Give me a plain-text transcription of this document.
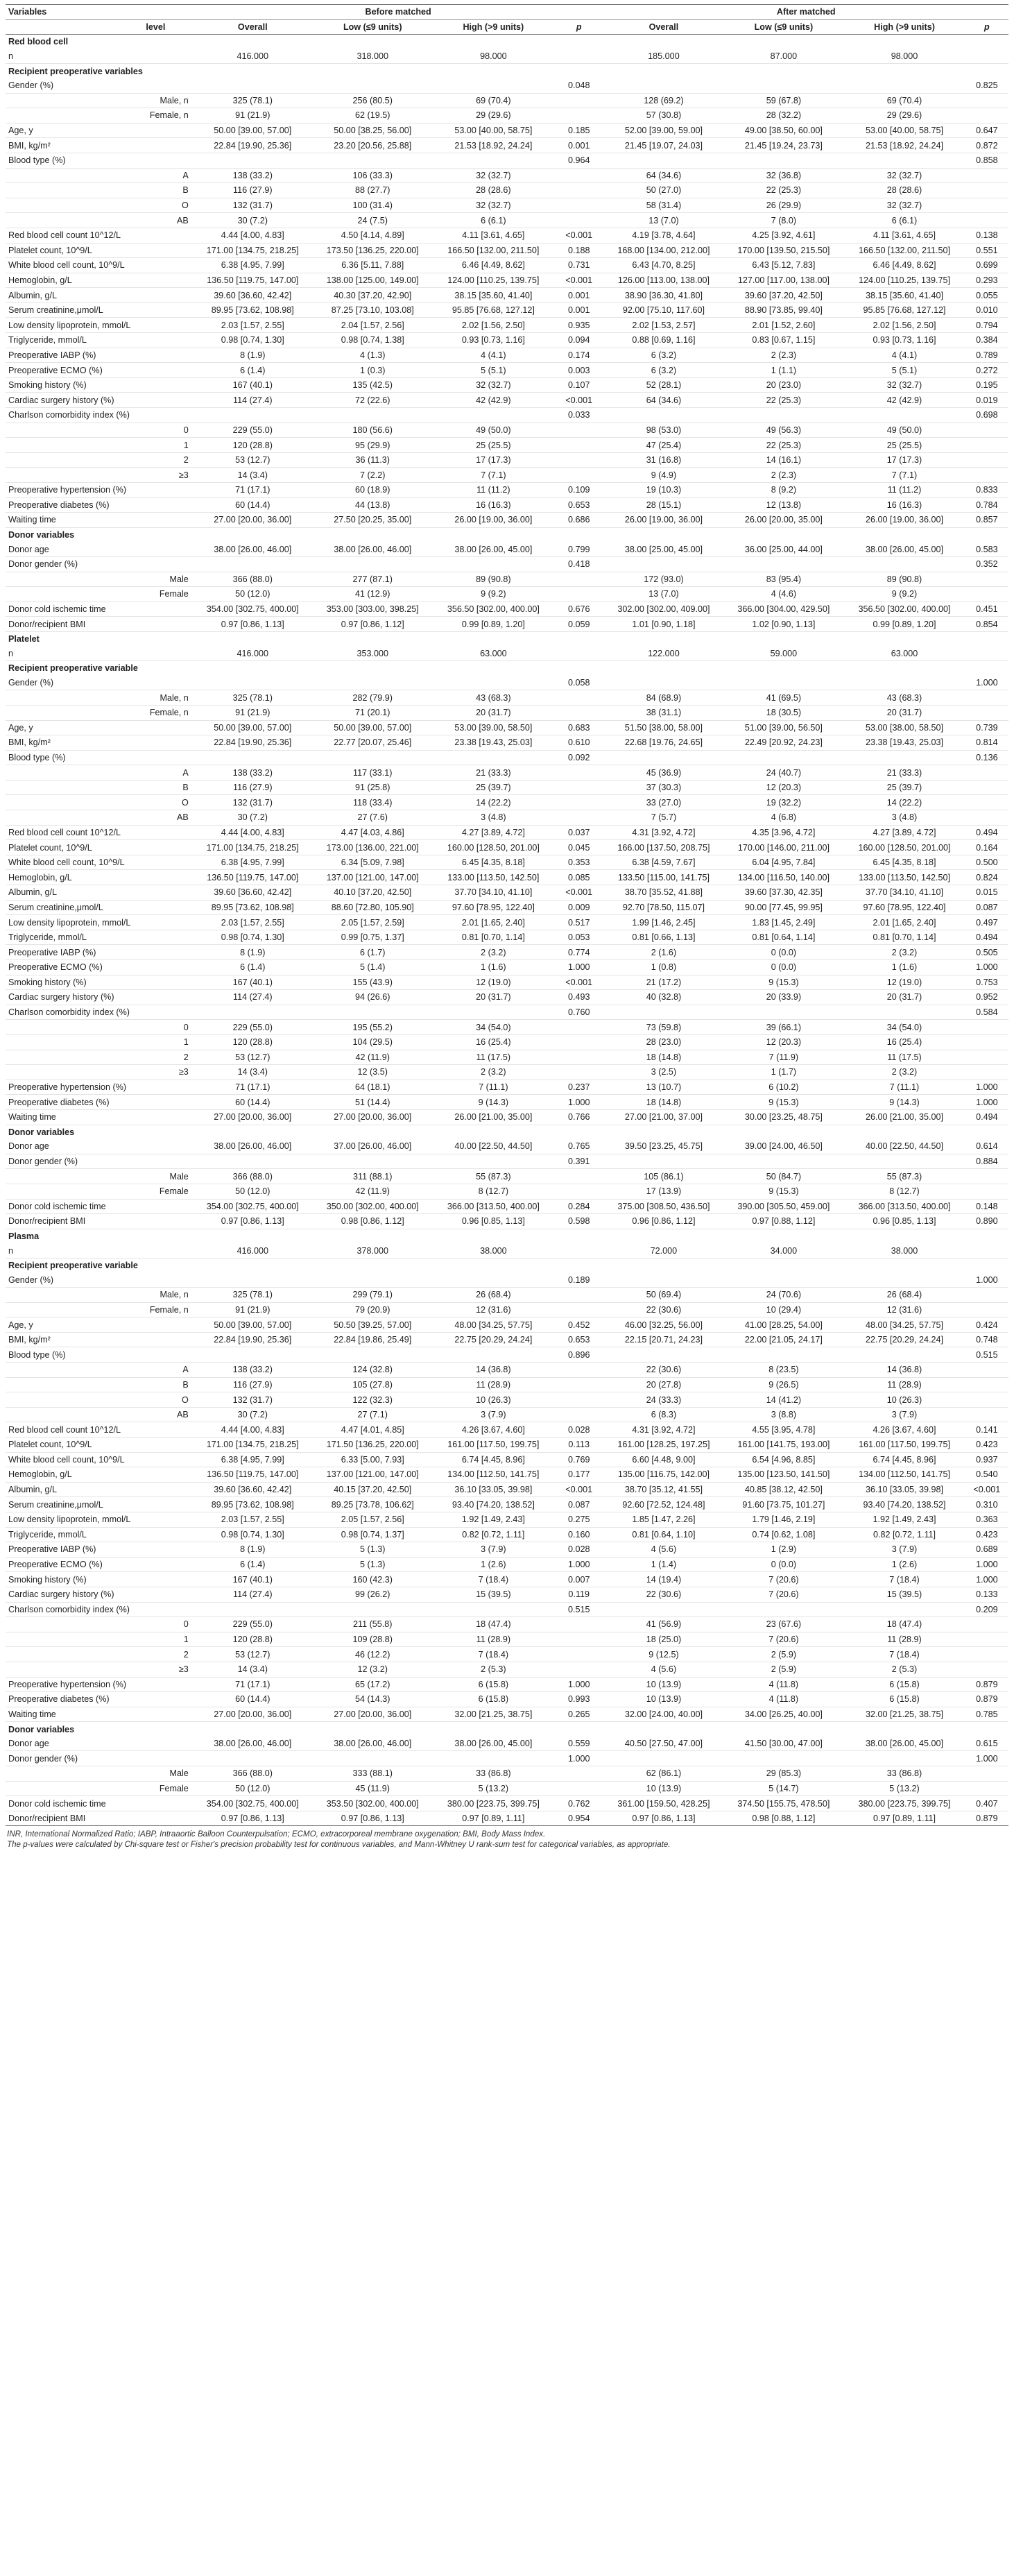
Variables		Before matched				After matched			
	level	Overall	Low (≤9 units)	High (>9 units)	p	Overall	Low (≤9 units)	High (>9 units)	p
Red blood cell									
n		416.000	318.000	98.000		185.000	87.000	98.000	
Recipient preoperative variables									
Gender (%)					0.048				0.825
	Male, n	325 (78.1)	256 (80.5)	69 (70.4)		128 (69.2)	59 (67.8)	69 (70.4)	
	Female, n	91 (21.9)	62 (19.5)	29 (29.6)		57 (30.8)	28 (32.2)	29 (29.6)	
Age, y		50.00 [39.00, 57.00]	50.00 [38.25, 56.00]	53.00 [40.00, 58.75]	0.185	52.00 [39.00, 59.00]	49.00 [38.50, 60.00]	53.00 [40.00, 58.75]	0.647
BMI, kg/m²		22.84 [19.90, 25.36]	23.20 [20.56, 25.88]	21.53 [18.92, 24.24]	0.001	21.45 [19.07, 24.03]	21.45 [19.24, 23.73]	21.53 [18.92, 24.24]	0.872
Blood type (%)					0.964				0.858
	A	138 (33.2)	106 (33.3)	32 (32.7)		64 (34.6)	32 (36.8)	32 (32.7)	
	B	116 (27.9)	88 (27.7)	28 (28.6)		50 (27.0)	22 (25.3)	28 (28.6)	
	O	132 (31.7)	100 (31.4)	32 (32.7)		58 (31.4)	26 (29.9)	32 (32.7)	
	AB	30 (7.2)	24 (7.5)	6 (6.1)		13 (7.0)	7 (8.0)	6 (6.1)	
Red blood cell count 10^12/L		4.44 [4.00, 4.83]	4.50 [4.14, 4.89]	4.11 [3.61, 4.65]	<0.001	4.19 [3.78, 4.64]	4.25 [3.92, 4.61]	4.11 [3.61, 4.65]	0.138
Platelet count, 10^9/L		171.00 [134.75, 218.25]	173.50 [136.25, 220.00]	166.50 [132.00, 211.50]	0.188	168.00 [134.00, 212.00]	170.00 [139.50, 215.50]	166.50 [132.00, 211.50]	0.551
White blood cell count, 10^9/L		6.38 [4.95, 7.99]	6.36 [5.11, 7.88]	6.46 [4.49, 8.62]	0.731	6.43 [4.70, 8.25]	6.43 [5.12, 7.83]	6.46 [4.49, 8.62]	0.699
Hemoglobin, g/L		136.50 [119.75, 147.00]	138.00 [125.00, 149.00]	124.00 [110.25, 139.75]	<0.001	126.00 [113.00, 138.00]	127.00 [117.00, 138.00]	124.00 [110.25, 139.75]	0.293
Albumin, g/L		39.60 [36.60, 42.42]	40.30 [37.20, 42.90]	38.15 [35.60, 41.40]	0.001	38.90 [36.30, 41.80]	39.60 [37.20, 42.50]	38.15 [35.60, 41.40]	0.055
Serum creatinine,μmol/L		89.95 [73.62, 108.98]	87.25 [73.10, 103.08]	95.85 [76.68, 127.12]	0.001	92.00 [75.10, 117.60]	88.90 [73.85, 99.40]	95.85 [76.68, 127.12]	0.010
Low density lipoprotein, mmol/L		2.03 [1.57, 2.55]	2.04 [1.57, 2.56]	2.02 [1.56, 2.50]	0.935	2.02 [1.53, 2.57]	2.01 [1.52, 2.60]	2.02 [1.56, 2.50]	0.794
Triglyceride, mmol/L		0.98 [0.74, 1.30]	0.98 [0.74, 1.38]	0.93 [0.73, 1.16]	0.094	0.88 [0.69, 1.16]	0.83 [0.67, 1.15]	0.93 [0.73, 1.16]	0.384
Preoperative IABP (%)		8 (1.9)	4 (1.3)	4 (4.1)	0.174	6 (3.2)	2 (2.3)	4 (4.1)	0.789
Preoperative ECMO (%)		6 (1.4)	1 (0.3)	5 (5.1)	0.003	6 (3.2)	1 (1.1)	5 (5.1)	0.272
Smoking history (%)		167 (40.1)	135 (42.5)	32 (32.7)	0.107	52 (28.1)	20 (23.0)	32 (32.7)	0.195
Cardiac surgery history (%)		114 (27.4)	72 (22.6)	42 (42.9)	<0.001	64 (34.6)	22 (25.3)	42 (42.9)	0.019
Charlson comorbidity index (%)					0.033				0.698
	0	229 (55.0)	180 (56.6)	49 (50.0)		98 (53.0)	49 (56.3)	49 (50.0)	
	1	120 (28.8)	95 (29.9)	25 (25.5)		47 (25.4)	22 (25.3)	25 (25.5)	
	2	53 (12.7)	36 (11.3)	17 (17.3)		31 (16.8)	14 (16.1)	17 (17.3)	
	≥3	14 (3.4)	7 (2.2)	7 (7.1)		9 (4.9)	2 (2.3)	7 (7.1)	
Preoperative hypertension (%)		71 (17.1)	60 (18.9)	11 (11.2)	0.109	19 (10.3)	8 (9.2)	11 (11.2)	0.833
Preoperative diabetes (%)		60 (14.4)	44 (13.8)	16 (16.3)	0.653	28 (15.1)	12 (13.8)	16 (16.3)	0.784
Waiting time		27.00 [20.00, 36.00]	27.50 [20.25, 35.00]	26.00 [19.00, 36.00]	0.686	26.00 [19.00, 36.00]	26.00 [20.00, 35.00]	26.00 [19.00, 36.00]	0.857
Donor variables									
Donor age		38.00 [26.00, 46.00]	38.00 [26.00, 46.00]	38.00 [26.00, 45.00]	0.799	38.00 [25.00, 45.00]	36.00 [25.00, 44.00]	38.00 [26.00, 45.00]	0.583
Donor gender (%)					0.418				0.352
	Male	366 (88.0)	277 (87.1)	89 (90.8)		172 (93.0)	83 (95.4)	89 (90.8)	
	Female	50 (12.0)	41 (12.9)	9 (9.2)		13 (7.0)	4 (4.6)	9 (9.2)	
Donor cold ischemic time		354.00 [302.75, 400.00]	353.00 [303.00, 398.25]	356.50 [302.00, 400.00]	0.676	302.00 [302.00, 409.00]	366.00 [304.00, 429.50]	356.50 [302.00, 400.00]	0.451
Donor/recipient BMI		0.97 [0.86, 1.13]	0.97 [0.86, 1.12]	0.99 [0.89, 1.20]	0.059	1.01 [0.90, 1.18]	1.02 [0.90, 1.13]	0.99 [0.89, 1.20]	0.854
Platelet									
n		416.000	353.000	63.000		122.000	59.000	63.000	
Recipient preoperative variable									
Gender (%)					0.058				1.000
	Male, n	325 (78.1)	282 (79.9)	43 (68.3)		84 (68.9)	41 (69.5)	43 (68.3)	
	Female, n	91 (21.9)	71 (20.1)	20 (31.7)		38 (31.1)	18 (30.5)	20 (31.7)	
Age, y		50.00 [39.00, 57.00]	50.00 [39.00, 57.00]	53.00 [39.00, 58.50]	0.683	51.50 [38.00, 58.00]	51.00 [39.00, 56.50]	53.00 [38.00, 58.50]	0.739
BMI, kg/m²		22.84 [19.90, 25.36]	22.77 [20.07, 25.46]	23.38 [19.43, 25.03]	0.610	22.68 [19.76, 24.65]	22.49 [20.92, 24.23]	23.38 [19.43, 25.03]	0.814
Blood type (%)					0.092				0.136
	A	138 (33.2)	117 (33.1)	21 (33.3)		45 (36.9)	24 (40.7)	21 (33.3)	
	B	116 (27.9)	91 (25.8)	25 (39.7)		37 (30.3)	12 (20.3)	25 (39.7)	
	O	132 (31.7)	118 (33.4)	14 (22.2)		33 (27.0)	19 (32.2)	14 (22.2)	
	AB	30 (7.2)	27 (7.6)	3 (4.8)		7 (5.7)	4 (6.8)	3 (4.8)	
Red blood cell count 10^12/L		4.44 [4.00, 4.83]	4.47 [4.03, 4.86]	4.27 [3.89, 4.72]	0.037	4.31 [3.92, 4.72]	4.35 [3.96, 4.72]	4.27 [3.89, 4.72]	0.494
Platelet count, 10^9/L		171.00 [134.75, 218.25]	173.00 [136.00, 221.00]	160.00 [128.50, 201.00]	0.045	166.00 [137.50, 208.75]	170.00 [146.00, 211.00]	160.00 [128.50, 201.00]	0.164
White blood cell count, 10^9/L		6.38 [4.95, 7.99]	6.34 [5.09, 7.98]	6.45 [4.35, 8.18]	0.353	6.38 [4.59, 7.67]	6.04 [4.95, 7.84]	6.45 [4.35, 8.18]	0.500
Hemoglobin, g/L		136.50 [119.75, 147.00]	137.00 [121.00, 147.00]	133.00 [113.50, 142.50]	0.085	133.50 [115.00, 141.75]	134.00 [116.50, 140.00]	133.00 [113.50, 142.50]	0.824
Albumin, g/L		39.60 [36.60, 42.42]	40.10 [37.20, 42.50]	37.70 [34.10, 41.10]	<0.001	38.70 [35.52, 41.88]	39.60 [37.30, 42.35]	37.70 [34.10, 41.10]	0.015
Serum creatinine,μmol/L		89.95 [73.62, 108.98]	88.60 [72.80, 105.90]	97.60 [78.95, 122.40]	0.009	92.70 [78.50, 115.07]	90.00 [77.45, 99.95]	97.60 [78.95, 122.40]	0.087
Low density lipoprotein, mmol/L		2.03 [1.57, 2.55]	2.05 [1.57, 2.59]	2.01 [1.65, 2.40]	0.517	1.99 [1.46, 2.45]	1.83 [1.45, 2.49]	2.01 [1.65, 2.40]	0.497
Triglyceride, mmol/L		0.98 [0.74, 1.30]	0.99 [0.75, 1.37]	0.81 [0.70, 1.14]	0.053	0.81 [0.66, 1.13]	0.81 [0.64, 1.14]	0.81 [0.70, 1.14]	0.494
Preoperative IABP (%)		8 (1.9)	6 (1.7)	2 (3.2)	0.774	2 (1.6)	0 (0.0)	2 (3.2)	0.505
Preoperative ECMO (%)		6 (1.4)	5 (1.4)	1 (1.6)	1.000	1 (0.8)	0 (0.0)	1 (1.6)	1.000
Smoking history (%)		167 (40.1)	155 (43.9)	12 (19.0)	<0.001	21 (17.2)	9 (15.3)	12 (19.0)	0.753
Cardiac surgery history (%)		114 (27.4)	94 (26.6)	20 (31.7)	0.493	40 (32.8)	20 (33.9)	20 (31.7)	0.952
Charlson comorbidity index (%)					0.760				0.584
	0	229 (55.0)	195 (55.2)	34 (54.0)		73 (59.8)	39 (66.1)	34 (54.0)	
	1	120 (28.8)	104 (29.5)	16 (25.4)		28 (23.0)	12 (20.3)	16 (25.4)	
	2	53 (12.7)	42 (11.9)	11 (17.5)		18 (14.8)	7 (11.9)	11 (17.5)	
	≥3	14 (3.4)	12 (3.5)	2 (3.2)		3 (2.5)	1 (1.7)	2 (3.2)	
Preoperative hypertension (%)		71 (17.1)	64 (18.1)	7 (11.1)	0.237	13 (10.7)	6 (10.2)	7 (11.1)	1.000
Preoperative diabetes (%)		60 (14.4)	51 (14.4)	9 (14.3)	1.000	18 (14.8)	9 (15.3)	9 (14.3)	1.000
Waiting time		27.00 [20.00, 36.00]	27.00 [20.00, 36.00]	26.00 [21.00, 35.00]	0.766	27.00 [21.00, 37.00]	30.00 [23.25, 48.75]	26.00 [21.00, 35.00]	0.494
Donor variables									
Donor age		38.00 [26.00, 46.00]	37.00 [26.00, 46.00]	40.00 [22.50, 44.50]	0.765	39.50 [23.25, 45.75]	39.00 [24.00, 46.50]	40.00 [22.50, 44.50]	0.614
Donor gender (%)					0.391				0.884
	Male	366 (88.0)	311 (88.1)	55 (87.3)		105 (86.1)	50 (84.7)	55 (87.3)	
	Female	50 (12.0)	42 (11.9)	8 (12.7)		17 (13.9)	9 (15.3)	8 (12.7)	
Donor cold ischemic time		354.00 [302.75, 400.00]	350.00 [302.00, 400.00]	366.00 [313.50, 400.00]	0.284	375.00 [308.50, 436.50]	390.00 [305.50, 459.00]	366.00 [313.50, 400.00]	0.148
Donor/recipient BMI		0.97 [0.86, 1.13]	0.98 [0.86, 1.12]	0.96 [0.85, 1.13]	0.598	0.96 [0.86, 1.12]	0.97 [0.88, 1.12]	0.96 [0.85, 1.13]	0.890
Plasma									
n		416.000	378.000	38.000		72.000	34.000	38.000	
Recipient preoperative variable									
Gender (%)					0.189				1.000
	Male, n	325 (78.1)	299 (79.1)	26 (68.4)		50 (69.4)	24 (70.6)	26 (68.4)	
	Female, n	91 (21.9)	79 (20.9)	12 (31.6)		22 (30.6)	10 (29.4)	12 (31.6)	
Age, y		50.00 [39.00, 57.00]	50.50 [39.25, 57.00]	48.00 [34.25, 57.75]	0.452	46.00 [32.25, 56.00]	41.00 [28.25, 54.00]	48.00 [34.25, 57.75]	0.424
BMI, kg/m²		22.84 [19.90, 25.36]	22.84 [19.86, 25.49]	22.75 [20.29, 24.24]	0.653	22.15 [20.71, 24.23]	22.00 [21.05, 24.17]	22.75 [20.29, 24.24]	0.748
Blood type (%)					0.896				0.515
	A	138 (33.2)	124 (32.8)	14 (36.8)		22 (30.6)	8 (23.5)	14 (36.8)	
	B	116 (27.9)	105 (27.8)	11 (28.9)		20 (27.8)	9 (26.5)	11 (28.9)	
	O	132 (31.7)	122 (32.3)	10 (26.3)		24 (33.3)	14 (41.2)	10 (26.3)	
	AB	30 (7.2)	27 (7.1)	3 (7.9)		6 (8.3)	3 (8.8)	3 (7.9)	
Red blood cell count 10^12/L		4.44 [4.00, 4.83]	4.47 [4.01, 4.85]	4.26 [3.67, 4.60]	0.028	4.31 [3.92, 4.72]	4.55 [3.95, 4.78]	4.26 [3.67, 4.60]	0.141
Platelet count, 10^9/L		171.00 [134.75, 218.25]	171.50 [136.25, 220.00]	161.00 [117.50, 199.75]	0.113	161.00 [128.25, 197.25]	161.00 [141.75, 193.00]	161.00 [117.50, 199.75]	0.423
White blood cell count, 10^9/L		6.38 [4.95, 7.99]	6.33 [5.00, 7.93]	6.74 [4.45, 8.96]	0.769	6.60 [4.48, 9.00]	6.54 [4.96, 8.85]	6.74 [4.45, 8.96]	0.937
Hemoglobin, g/L		136.50 [119.75, 147.00]	137.00 [121.00, 147.00]	134.00 [112.50, 141.75]	0.177	135.00 [116.75, 142.00]	135.00 [123.50, 141.50]	134.00 [112.50, 141.75]	0.540
Albumin, g/L		39.60 [36.60, 42.42]	40.15 [37.20, 42.50]	36.10 [33.05, 39.98]	<0.001	38.70 [35.12, 41.55]	40.85 [38.12, 42.50]	36.10 [33.05, 39.98]	<0.001
Serum creatinine,μmol/L		89.95 [73.62, 108.98]	89.25 [73.78, 106.62]	93.40 [74.20, 138.52]	0.087	92.60 [72.52, 124.48]	91.60 [73.75, 101.27]	93.40 [74.20, 138.52]	0.310
Low density lipoprotein, mmol/L		2.03 [1.57, 2.55]	2.05 [1.57, 2.56]	1.92 [1.49, 2.43]	0.275	1.85 [1.47, 2.26]	1.79 [1.46, 2.19]	1.92 [1.49, 2.43]	0.363
Triglyceride, mmol/L		0.98 [0.74, 1.30]	0.98 [0.74, 1.37]	0.82 [0.72, 1.11]	0.160	0.81 [0.64, 1.10]	0.74 [0.62, 1.08]	0.82 [0.72, 1.11]	0.423
Preoperative IABP (%)		8 (1.9)	5 (1.3)	3 (7.9)	0.028	4 (5.6)	1 (2.9)	3 (7.9)	0.689
Preoperative ECMO (%)		6 (1.4)	5 (1.3)	1 (2.6)	1.000	1 (1.4)	0 (0.0)	1 (2.6)	1.000
Smoking history (%)		167 (40.1)	160 (42.3)	7 (18.4)	0.007	14 (19.4)	7 (20.6)	7 (18.4)	1.000
Cardiac surgery history (%)		114 (27.4)	99 (26.2)	15 (39.5)	0.119	22 (30.6)	7 (20.6)	15 (39.5)	0.133
Charlson comorbidity index (%)					0.515				0.209
	0	229 (55.0)	211 (55.8)	18 (47.4)		41 (56.9)	23 (67.6)	18 (47.4)	
	1	120 (28.8)	109 (28.8)	11 (28.9)		18 (25.0)	7 (20.6)	11 (28.9)	
	2	53 (12.7)	46 (12.2)	7 (18.4)		9 (12.5)	2 (5.9)	7 (18.4)	
	≥3	14 (3.4)	12 (3.2)	2 (5.3)		4 (5.6)	2 (5.9)	2 (5.3)	
Preoperative hypertension (%)		71 (17.1)	65 (17.2)	6 (15.8)	1.000	10 (13.9)	4 (11.8)	6 (15.8)	0.879
Preoperative diabetes (%)		60 (14.4)	54 (14.3)	6 (15.8)	0.993	10 (13.9)	4 (11.8)	6 (15.8)	0.879
Waiting time		27.00 [20.00, 36.00]	27.00 [20.00, 36.00]	32.00 [21.25, 38.75]	0.265	32.00 [24.00, 40.00]	34.00 [26.25, 40.00]	32.00 [21.25, 38.75]	0.785
Donor variables									
Donor age		38.00 [26.00, 46.00]	38.00 [26.00, 46.00]	38.00 [26.00, 45.00]	0.559	40.50 [27.50, 47.00]	41.50 [30.00, 47.00]	38.00 [26.00, 45.00]	0.615
Donor gender (%)					1.000				1.000
	Male	366 (88.0)	333 (88.1)	33 (86.8)		62 (86.1)	29 (85.3)	33 (86.8)	
	Female	50 (12.0)	45 (11.9)	5 (13.2)		10 (13.9)	5 (14.7)	5 (13.2)	
Donor cold ischemic time		354.00 [302.75, 400.00]	353.50 [302.00, 400.00]	380.00 [223.75, 399.75]	0.762	361.00 [159.50, 428.25]	374.50 [155.75, 478.50]	380.00 [223.75, 399.75]	0.407
Donor/recipient BMI		0.97 [0.86, 1.13]	0.97 [0.86, 1.13]	0.97 [0.89, 1.11]	0.954	0.97 [0.86, 1.13]	0.98 [0.88, 1.12]	0.97 [0.89, 1.11]	0.879
INR, International Normalized Ratio; IABP, Intraaortic Balloon Counterpulsation; ECMO, extracorporeal membrane oxygenation; BMI, Body Mass Index.
The p-values were calculated by Chi-square test or Fisher's precision probability test for continuous variables, and Mann-Whitney U rank-sum test for categorical variables, as appropriate.
